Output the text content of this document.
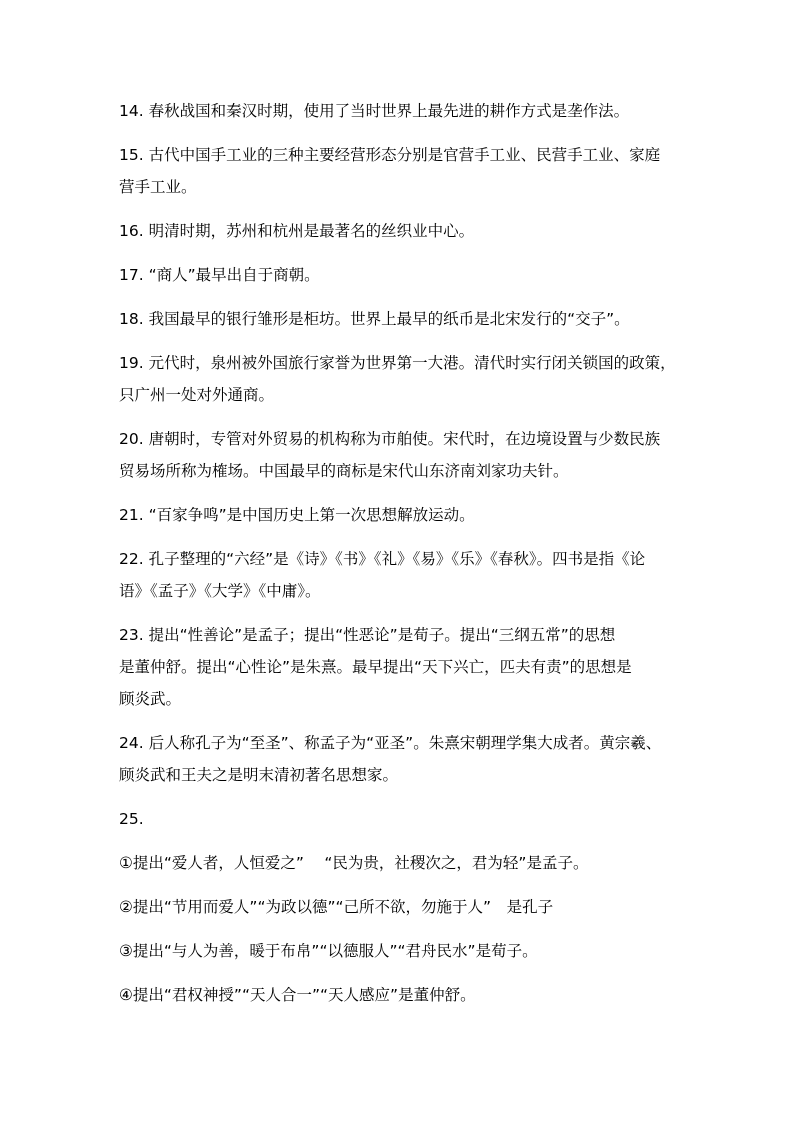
14. 春秋战国和秦汉时期，使用了当时世界上最先进的耕作方式是垄作法。
15. 古代中国手工业的三种主要经营形态分别是官营手工业、民营手工业、家庭
营手工业。
16. 明清时期，苏州和杭州是最著名的丝织业中心。
17. “商人”最早出自于商朝。
18. 我国最早的银行雏形是柜坊。世界上最早的纸币是北宋发行的“交子”。
19. 元代时，泉州被外国旅行家誉为世界第一大港。清代时实行闭关锁国的政策，
只广州一处对外通商。
20. 唐朝时，专管对外贸易的机构称为市舶使。宋代时，在边境设置与少数民族
贸易场所称为榷场。中国最早的商标是宋代山东济南刘家功夫针。
21. “百家争鸣”是中国历史上第一次思想解放运动。
22. 孔子整理的“六经”是《诗》《书》《礼》《易》《乐》《春秋》。四书是指《论
语》《孟子》《大学》《中庸》。
23. 提出“性善论”是孟子；提出“性恶论”是荀子。提出“三纲五常”的思想
是董仲舒。提出“心性论”是朱熹。最早提出“天下兴亡，匹夫有责”的思想是
顾炎武。
24. 后人称孔子为“至圣”、称孟子为“亚圣”。朱熹宋朝理学集大成者。黄宗羲、
顾炎武和王夫之是明末清初著名思想家。
25.
①提出“爱人者，人恒爱之”　 “民为贵，社稷次之，君为轻”是孟子。
②提出“节用而爱人”“为政以德”“己所不欲，勿施于人”　是孔子
③提出“与人为善，暖于布帛”“以德服人”“君舟民水”是荀子。
④提出“君权神授”“天人合一”“天人感应”是董仲舒。
